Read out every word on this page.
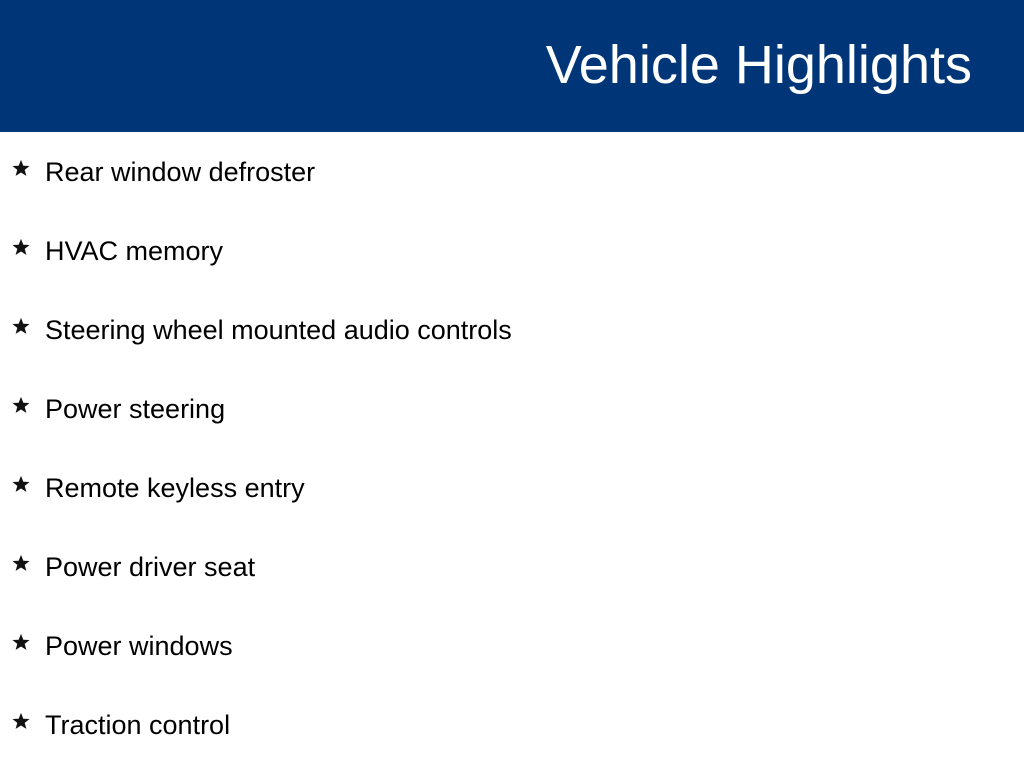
Vehicle Highlights
Rear window defroster
HVAC memory
Steering wheel mounted audio controls
Power steering
Remote keyless entry
Power driver seat
Power windows
Traction control
